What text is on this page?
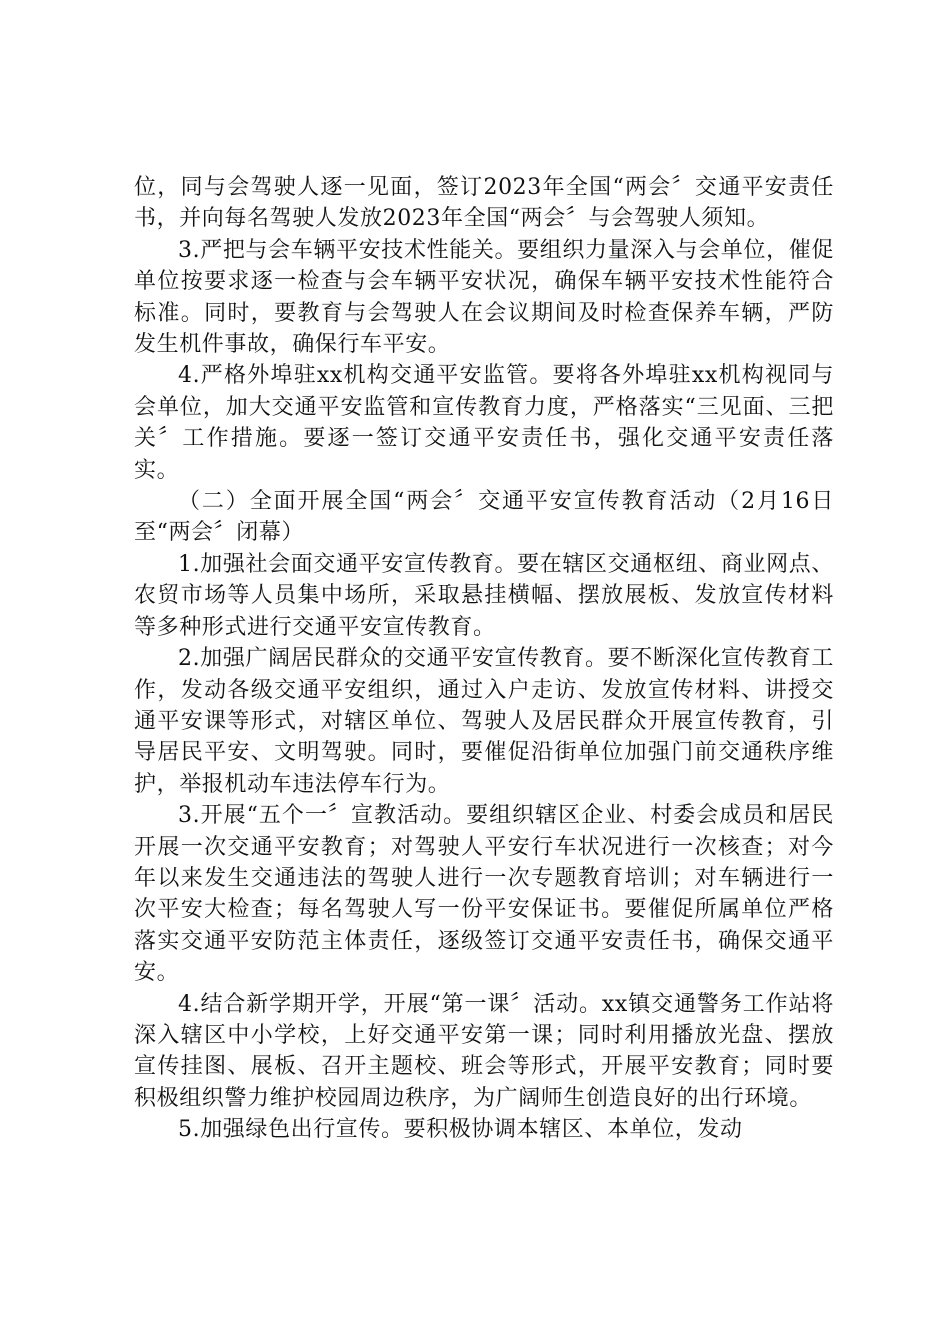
位，同与会驾驶人逐一见面，签订2023年全国“两会〞交通平安责任书，并向每名驾驶人发放2023年全国“两会〞与会驾驶人须知。

3.严把与会车辆平安技术性能关。要组织力量深入与会单位，催促单位按要求逐一检查与会车辆平安状况，确保车辆平安技术性能符合标准。同时，要教育与会驾驶人在会议期间及时检查保养车辆，严防发生机件事故，确保行车平安。

4.严格外埠驻xx机构交通平安监管。要将各外埠驻xx机构视同与会单位，加大交通平安监管和宣传教育力度，严格落实“三见面、三把关〞工作措施。要逐一签订交通平安责任书，强化交通平安责任落实。

（二）全面开展全国“两会〞交通平安宣传教育活动（2月16日至“两会〞闭幕）

1.加强社会面交通平安宣传教育。要在辖区交通枢纽、商业网点、农贸市场等人员集中场所，采取悬挂横幅、摆放展板、发放宣传材料等多种形式进行交通平安宣传教育。

2.加强广阔居民群众的交通平安宣传教育。要不断深化宣传教育工作，发动各级交通平安组织，通过入户走访、发放宣传材料、讲授交通平安课等形式，对辖区单位、驾驶人及居民群众开展宣传教育，引导居民平安、文明驾驶。同时，要催促沿街单位加强门前交通秩序维护，举报机动车违法停车行为。

3.开展“五个一〞宣教活动。要组织辖区企业、村委会成员和居民开展一次交通平安教育；对驾驶人平安行车状况进行一次核查；对今年以来发生交通违法的驾驶人进行一次专题教育培训；对车辆进行一次平安大检查；每名驾驶人写一份平安保证书。要催促所属单位严格落实交通平安防范主体责任，逐级签订交通平安责任书，确保交通平安。

4.结合新学期开学，开展“第一课〞活动。xx镇交通警务工作站将深入辖区中小学校，上好交通平安第一课；同时利用播放光盘、摆放宣传挂图、展板、召开主题校、班会等形式，开展平安教育；同时要积极组织警力维护校园周边秩序，为广阔师生创造良好的出行环境。

5.加强绿色出行宣传。要积极协调本辖区、本单位，发动
